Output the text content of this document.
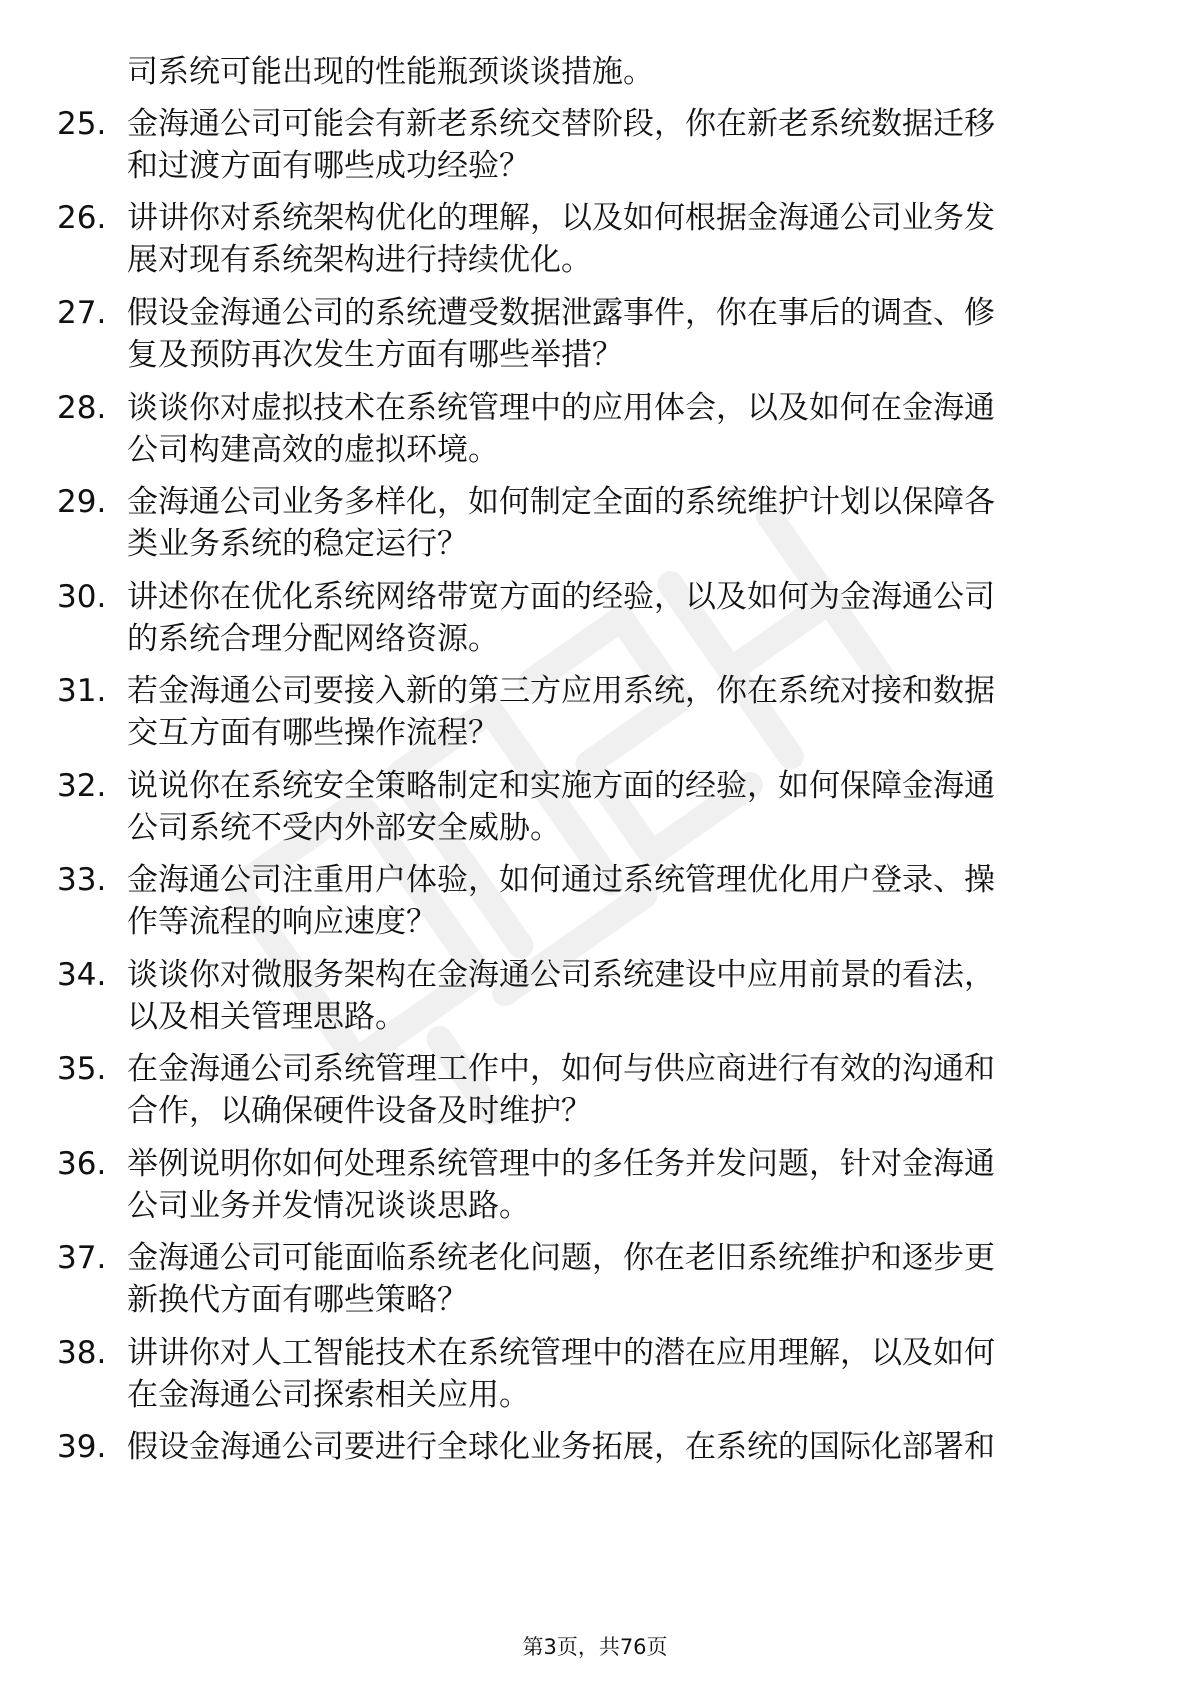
司系统可能出现的性能瓶颈谈谈措施。
25. 金海通公司可能会有新老系统交替阶段，你在新老系统数据迁移
和过渡方面有哪些成功经验？
26. 讲讲你对系统架构优化的理解，以及如何根据金海通公司业务发
展对现有系统架构进行持续优化。
27. 假设金海通公司的系统遭受数据泄露事件，你在事后的调查、修
复及预防再次发生方面有哪些举措？
28. 谈谈你对虚拟技术在系统管理中的应用体会，以及如何在金海通
公司构建高效的虚拟环境。
29. 金海通公司业务多样化，如何制定全面的系统维护计划以保障各
类业务系统的稳定运行？
30. 讲述你在优化系统网络带宽方面的经验，以及如何为金海通公司
的系统合理分配网络资源。
31. 若金海通公司要接入新的第三方应用系统，你在系统对接和数据
交互方面有哪些操作流程？
32. 说说你在系统安全策略制定和实施方面的经验，如何保障金海通
公司系统不受内外部安全威胁。
33. 金海通公司注重用户体验，如何通过系统管理优化用户登录、操
作等流程的响应速度？
34. 谈谈你对微服务架构在金海通公司系统建设中应用前景的看法，
以及相关管理思路。
35. 在金海通公司系统管理工作中，如何与供应商进行有效的沟通和
合作，以确保硬件设备及时维护？
36. 举例说明你如何处理系统管理中的多任务并发问题，针对金海通
公司业务并发情况谈谈思路。
37. 金海通公司可能面临系统老化问题，你在老旧系统维护和逐步更
新换代方面有哪些策略？
38. 讲讲你对人工智能技术在系统管理中的潜在应用理解，以及如何
在金海通公司探索相关应用。
39. 假设金海通公司要进行全球化业务拓展，在系统的国际化部署和
第3页，共76页
